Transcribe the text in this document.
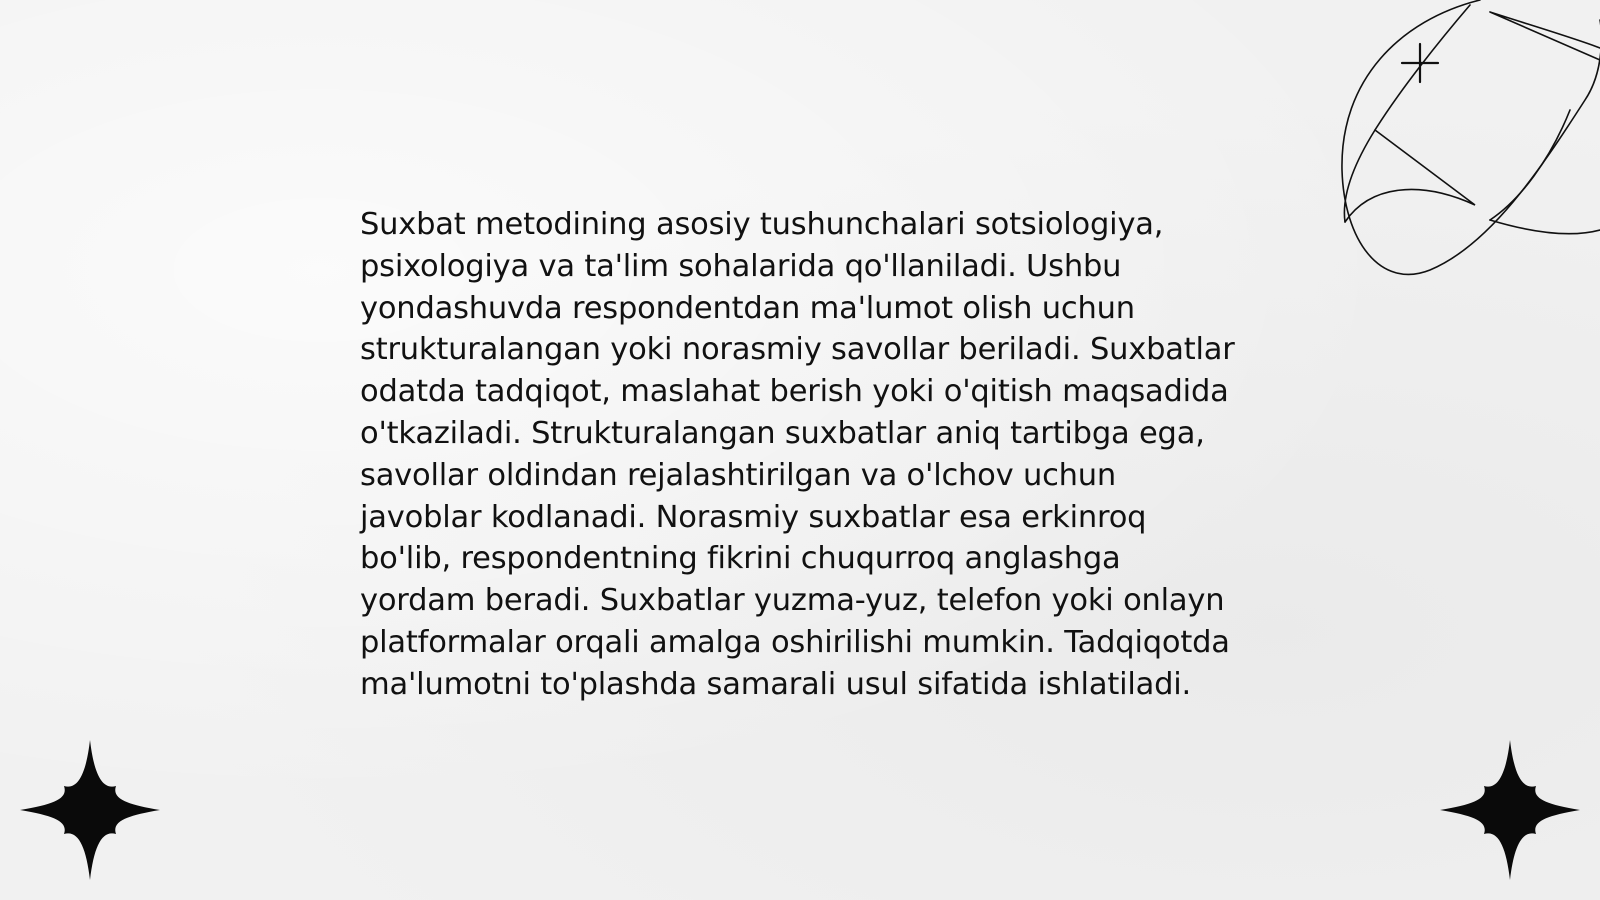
Suxbat metodining asosiy tushunchalari sotsiologiya, psixologiya va ta'lim sohalarida qo'llaniladi. Ushbu yondashuvda respondentdan ma'lumot olish uchun strukturalangan yoki norasmiy savollar beriladi. Suxbatlar odatda tadqiqot, maslahat berish yoki o'qitish maqsadida o'tkaziladi. Strukturalangan suxbatlar aniq tartibga ega, savollar oldindan rejalashtirilgan va o'lchov uchun javoblar kodlanadi. Norasmiy suxbatlar esa erkinroq bo'lib, respondentning fikrini chuqurroq anglashga yordam beradi. Suxbatlar yuzma-yuz, telefon yoki onlayn platformalar orqali amalga oshirilishi mumkin. Tadqiqotda ma'lumotni to'plashda samarali usul sifatida ishlatiladi.
